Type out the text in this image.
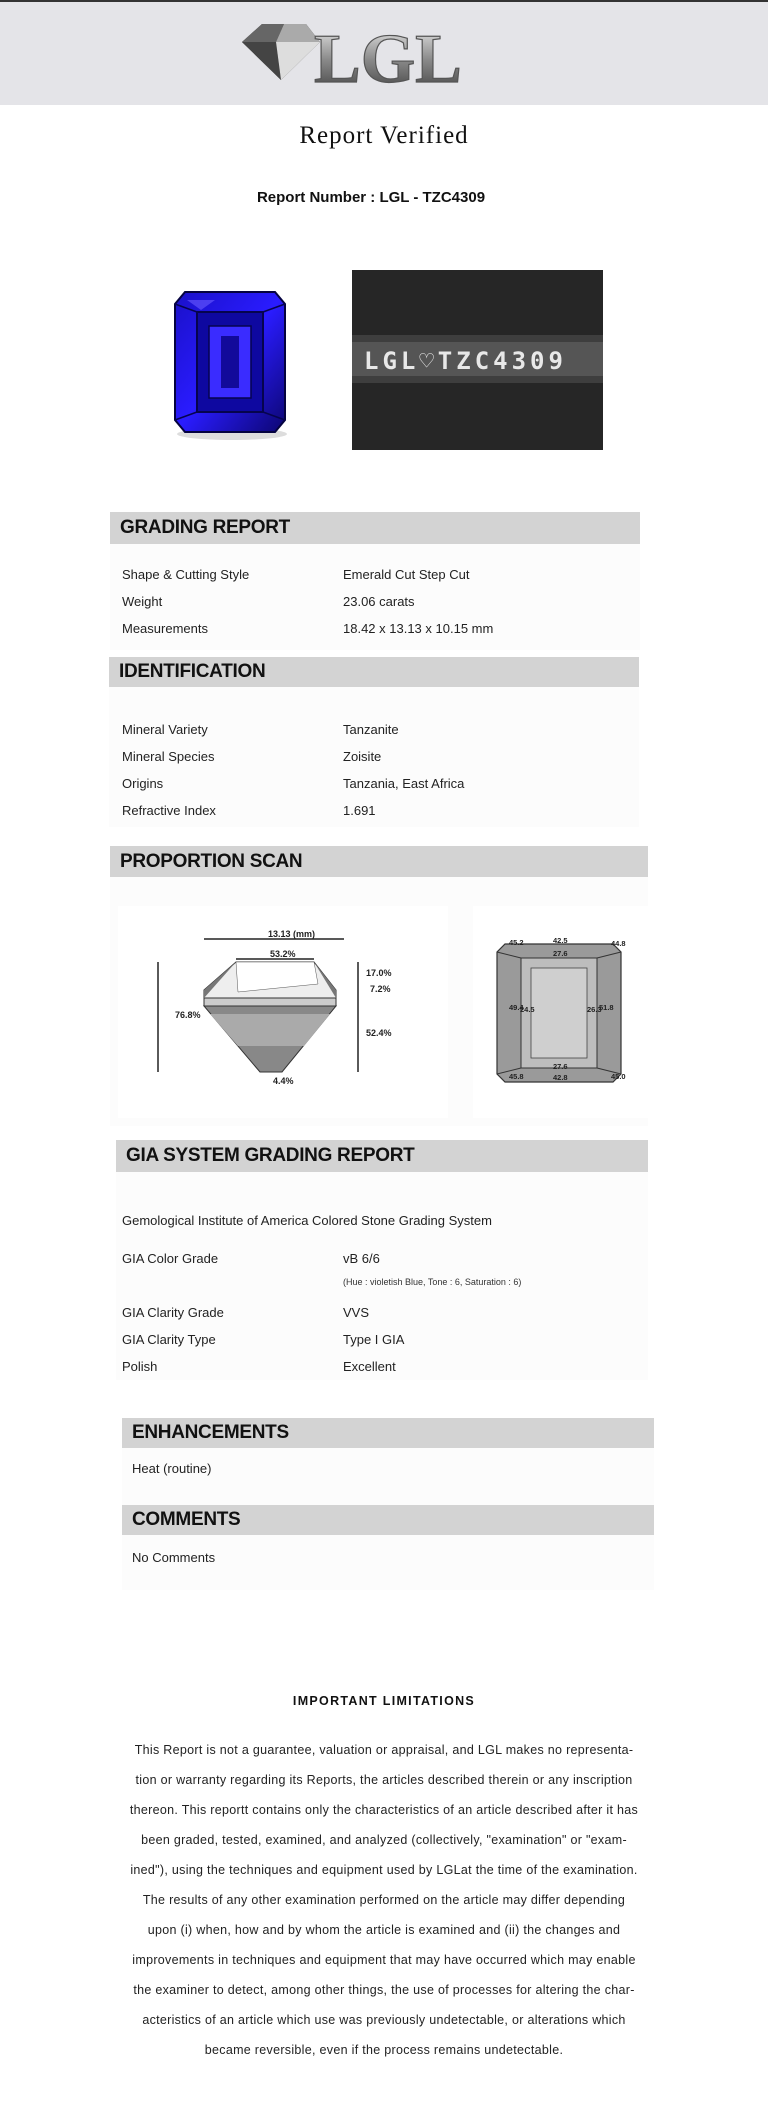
LGL
Report Verified
Report Number : LGL - TZC4309
LGL♡TZC4309
GRADING REPORT
Shape & Cutting Style	Emerald Cut Step Cut
Weight	23.06 carats
Measurements	18.42 x 13.13 x 10.15 mm
IDENTIFICATION
Mineral Variety	Tanzanite
Mineral Species	Zoisite
Origins	Tanzania, East Africa
Refractive Index	1.691
PROPORTION SCAN
13.13 (mm)
53.2%
76.8%
17.0%
7.2%
52.4%
4.4%
45.2	44.8
42.5
27.6
49.4
24.5	26.3
51.8
27.6
42.8
45.8	45.0
GIA SYSTEM GRADING REPORT
Gemological Institute of America Colored Stone Grading System
GIA Color Grade	vB 6/6
(Hue : violetish Blue, Tone : 6, Saturation : 6)
GIA Clarity Grade	VVS
GIA Clarity Type	Type I GIA
Polish	Excellent
ENHANCEMENTS
Heat (routine)
COMMENTS
No Comments
IMPORTANT LIMITATIONS
This Report is not a guarantee, valuation or appraisal, and LGL makes no representa-
tion or warranty regarding its Reports, the articles described therein or any inscription
thereon. This reportt contains only the characteristics of an article described after it has
been graded, tested, examined, and analyzed (collectively, "examination" or "exam-
ined"), using the techniques and equipment used by LGLat the time of the examination.
The results of any other examination performed on the article may differ depending
upon (i) when, how and by whom the article is examined and (ii) the changes and
improvements in techniques and equipment that may have occurred which may enable
the examiner to detect, among other things, the use of processes for altering the char-
acteristics of an article which use was previously undetectable, or alterations which
became reversible, even if the process remains undetectable.
